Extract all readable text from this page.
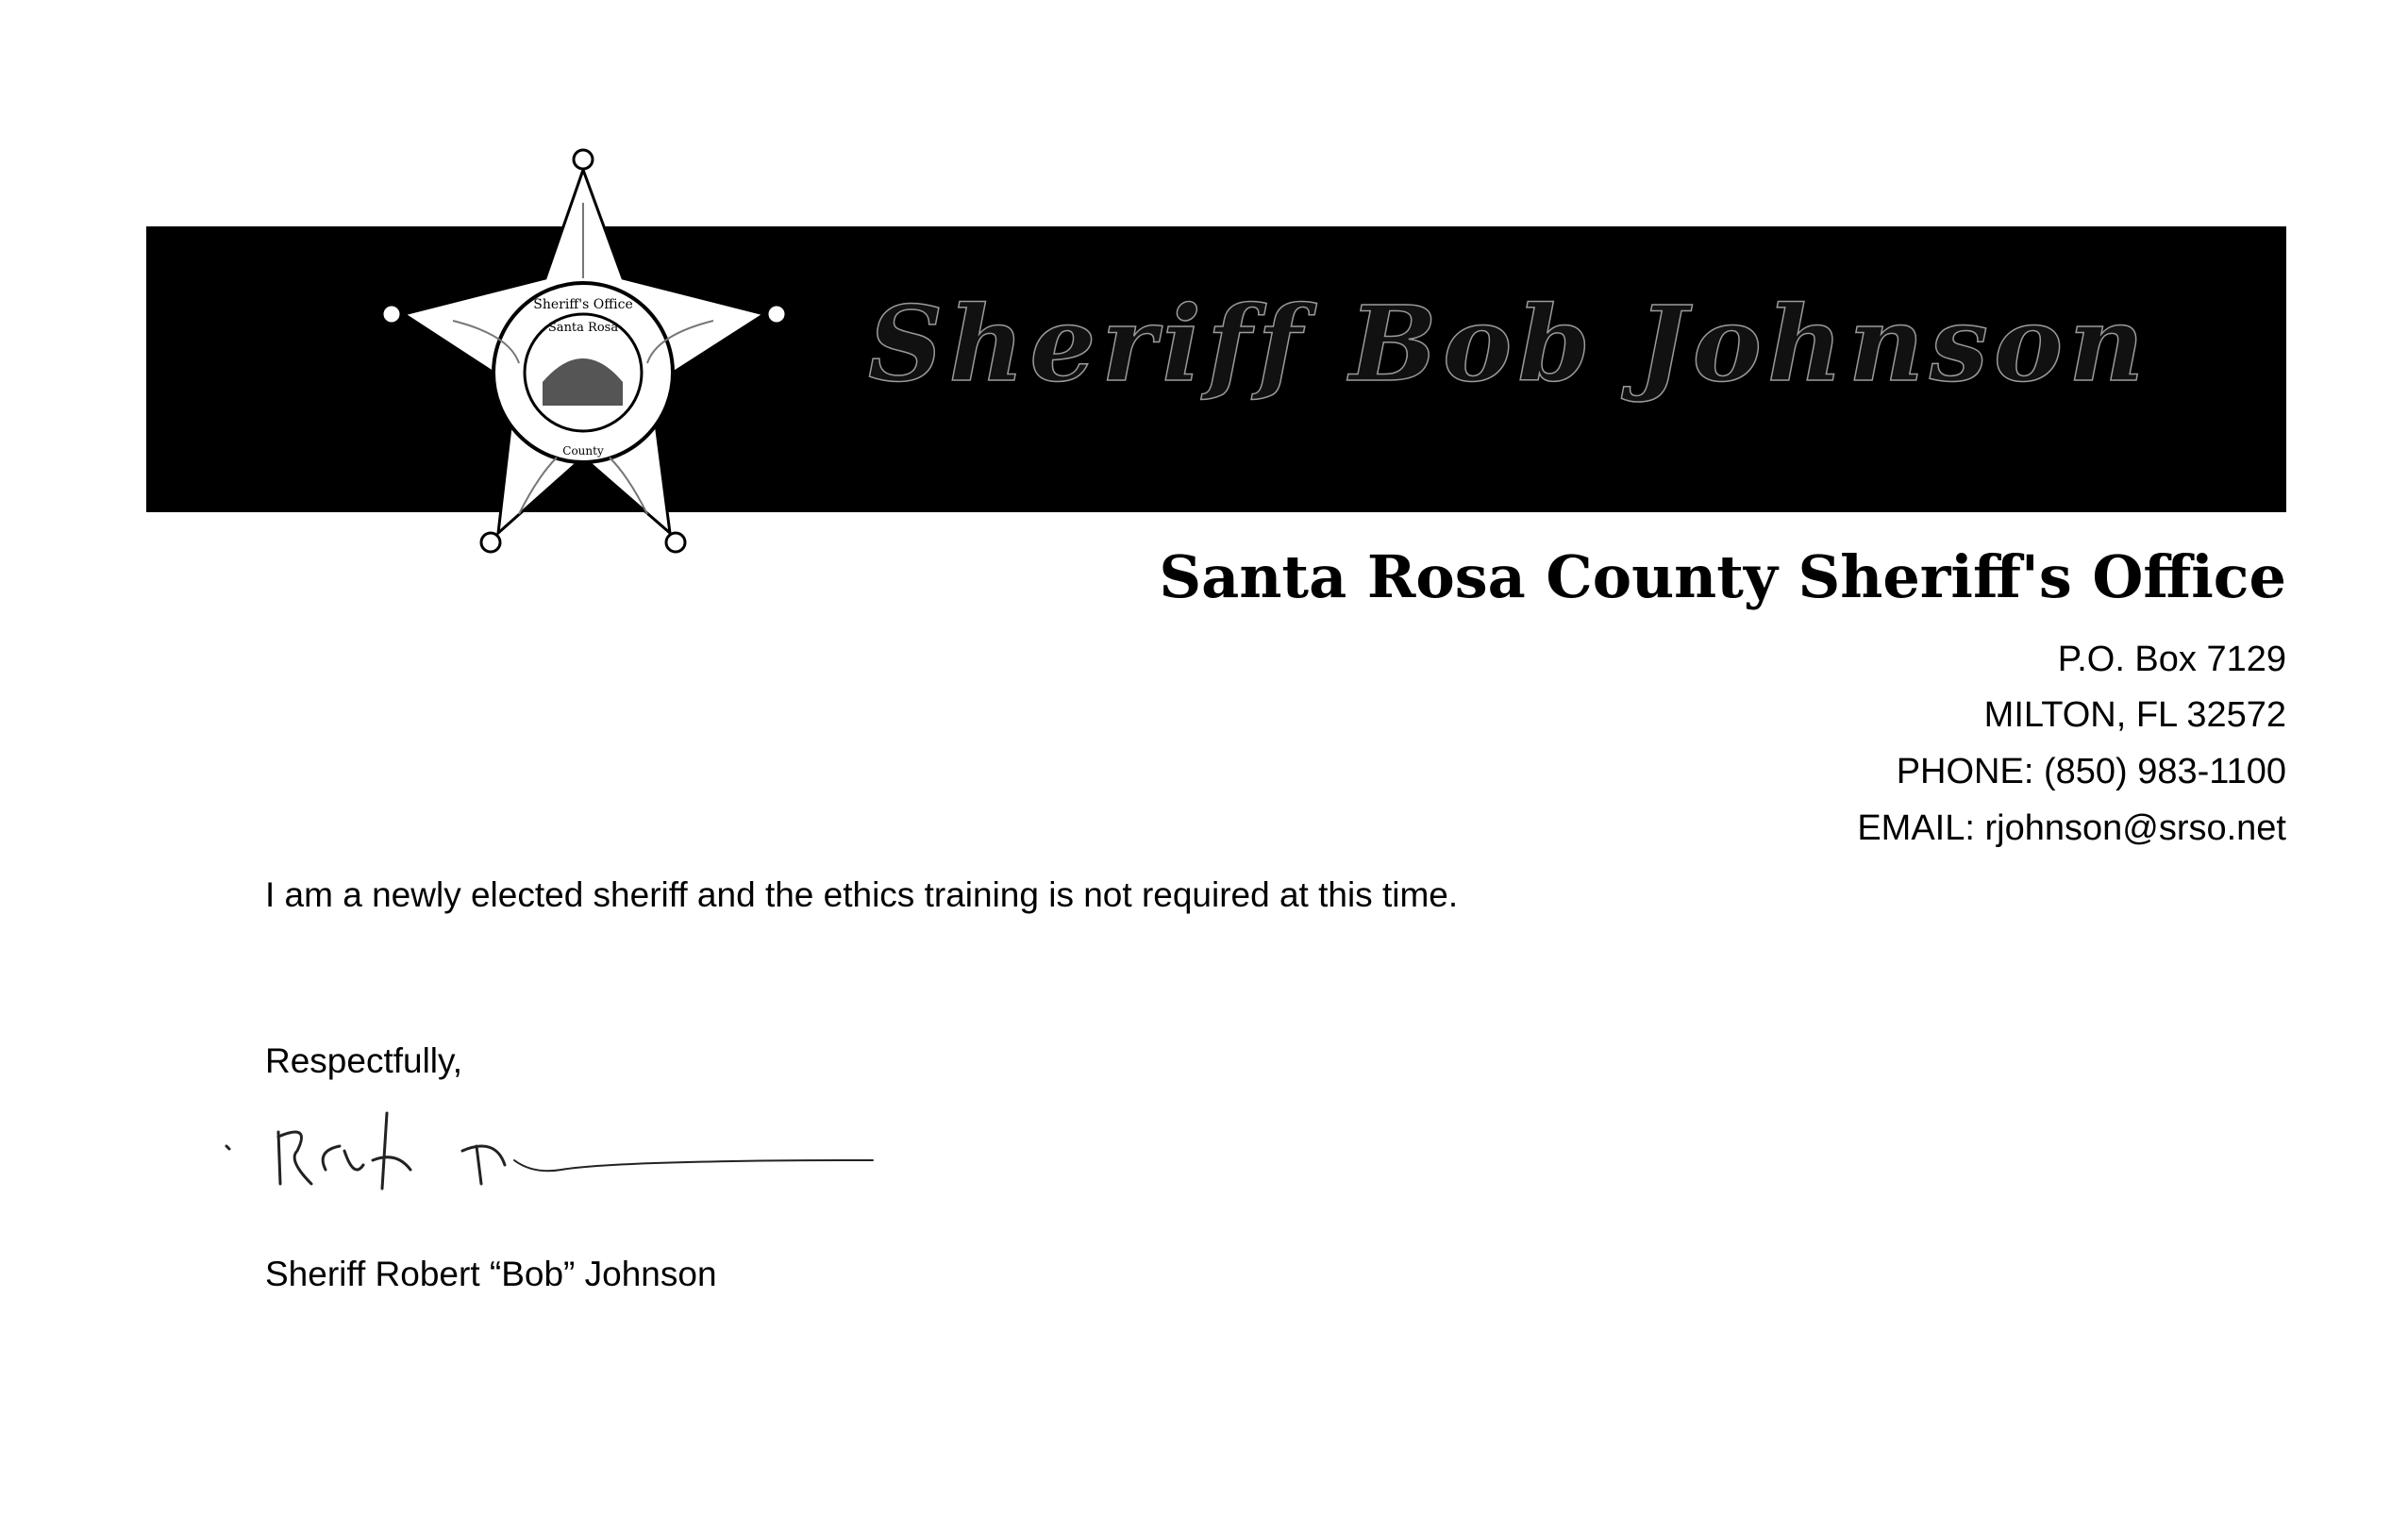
Sheriff Bob Johnson
Sheriff's Office
Santa Rosa
County
Santa Rosa County Sheriff's Office
P.O. Box 7129
MILTON, FL 32572
PHONE: (850) 983-1100
EMAIL: rjohnson@srso.net
I am a newly elected sheriff and the ethics training is not required at this time.
Respectfully,
Sheriff Robert “Bob” Johnson
